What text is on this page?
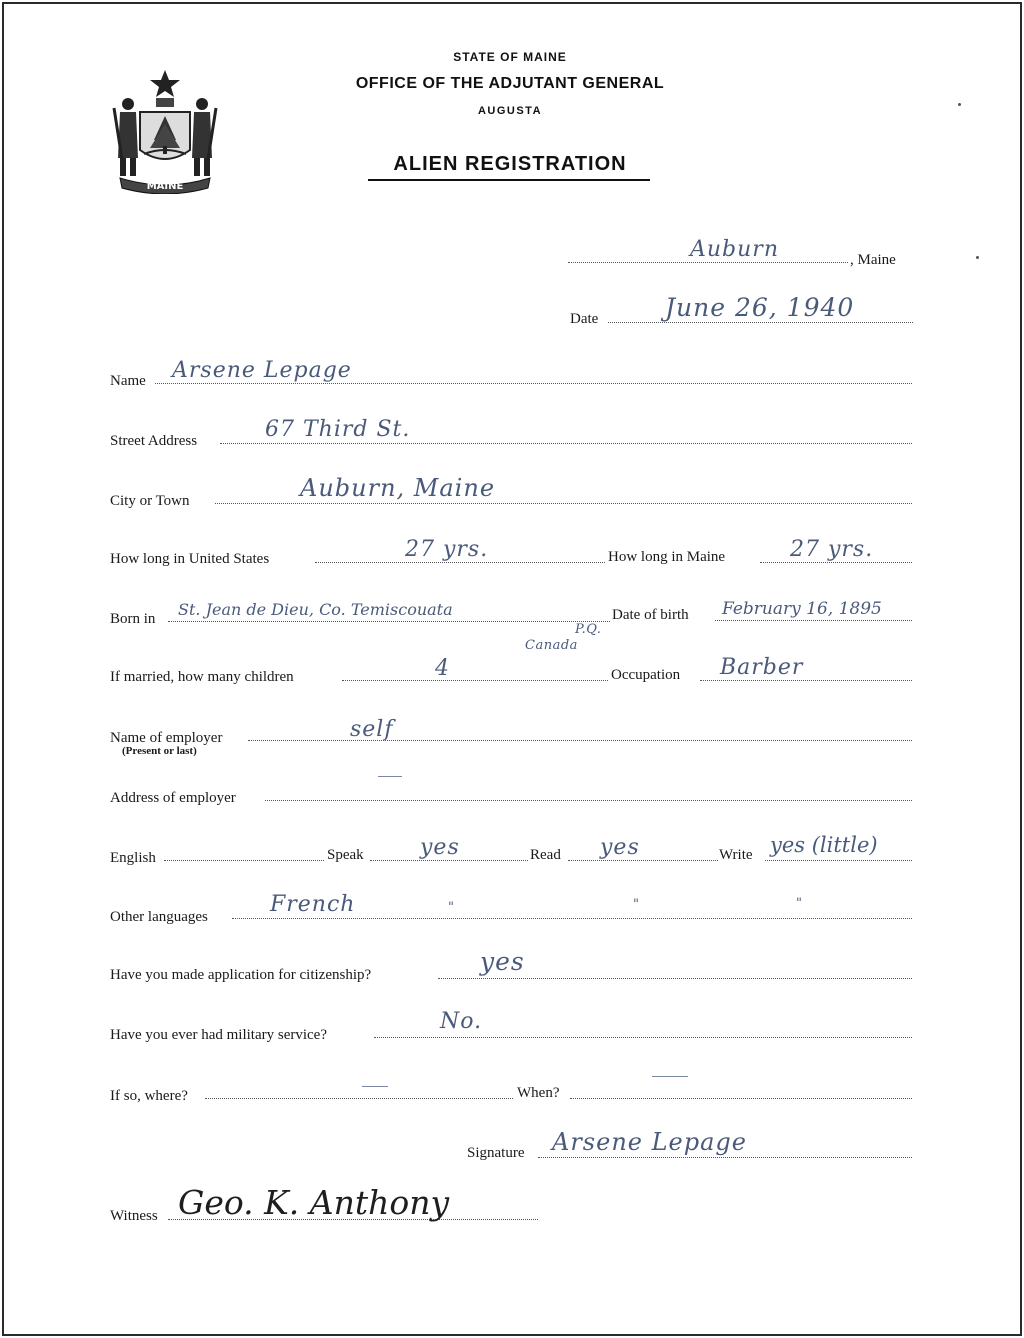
MAINE
STATE OF MAINE
OFFICE OF THE ADJUTANT GENERAL
AUGUSTA
ALIEN REGISTRATION
Auburn	, Maine
Date	June 26, 1940
Name Arsene Lepage
Street Address	67 Third St.
City or Town	Auburn, Maine
How long in United States	27 yrs.	How long in Maine	27 yrs.
Born in St. Jean de Dieu, Co. Temiscouata
P.Q.
Canada
Date of birth February 16, 1895
If married, how many children	4	Occupation Barber
Name of employer
(Present or last)
self
Address of employer
English	Speak	yes	Read yes	Write yes (little)
Other languages	French	"	"	"
Have you made application for citizenship?	yes
Have you ever had military service?
No.
If so, where?	When?
Signature Arsene Lepage
Witness Geo. K. Anthony
